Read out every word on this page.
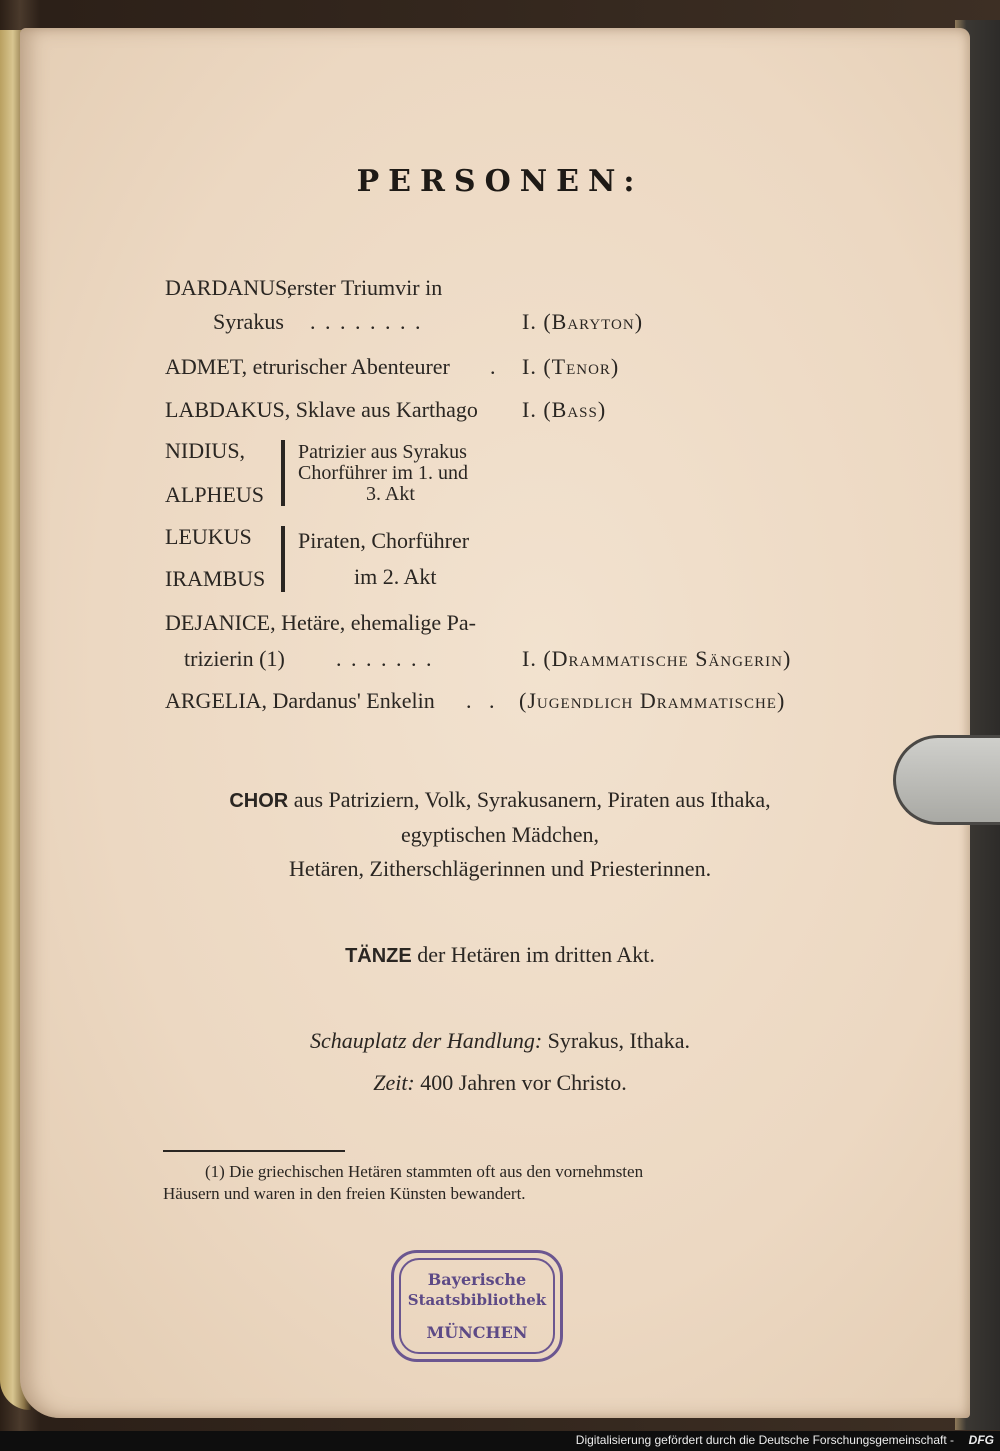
PERSONEN:
DARDANUS,
erster Triumvir in
Syrakus . . . . . . . .	I. (Baryton)
ADMET, etrurischer Abenteurer . I. (Tenor)
LABDAKUS, Sklave aus Karthago I. (Bass)
NIDIUS,
ALPHEUS
Patrizier aus Syrakus
Chorführer im 1. und
3. Akt
LEUKUS
IRAMBUS
Piraten, Chorführer
im 2. Akt
DEJANICE, Hetäre, ehemalige Pa-
trizierin (1) . . . . . . .	I. (Drammatische Sängerin)
ARGELIA, Dardanus' Enkelin . . (Jugendlich Drammatische)
CHOR aus Patriziern, Volk, Syrakusanern, Piraten aus Ithaka,
egyptischen Mädchen,
Hetären, Zitherschlägerinnen und Priesterinnen.
TÄNZE der Hetären im dritten Akt.
Schauplatz der Handlung: Syrakus, Ithaka.
Zeit: 400 Jahren vor Christo.
(1) Die griechischen Hetären stammten oft aus den vornehmsten
Häusern und waren in den freien Künsten bewandert.
Bayerische
Staatsbibliothek
MÜNCHEN
Digitalisierung gefördert durch die Deutsche Forschungsgemeinschaft - DFG
